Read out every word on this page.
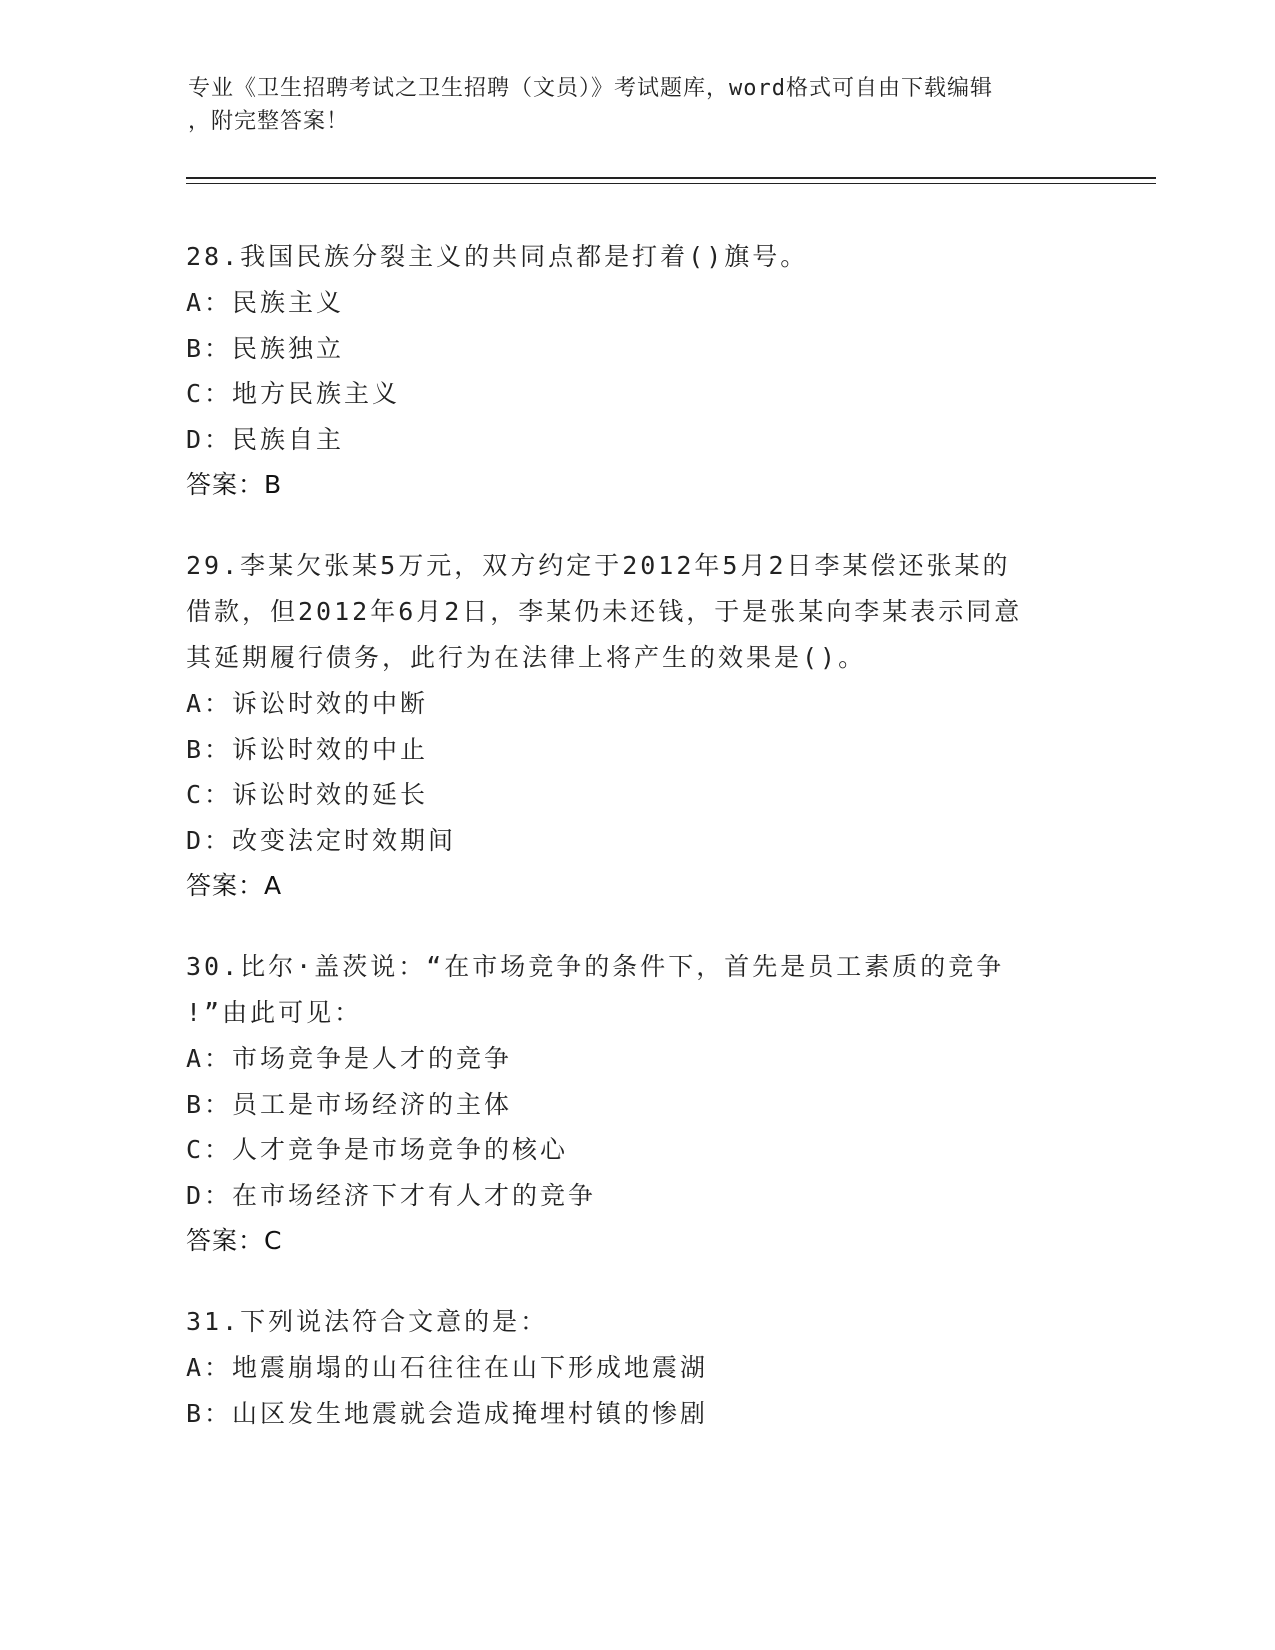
专业《卫生招聘考试之卫生招聘（文员）》考试题库，word格式可自由下载编辑
，附完整答案！

28.我国民族分裂主义的共同点都是打着()旗号。

A：民族主义

B：民族独立

C：地方民族主义

D：民族自主

答案：B

29.李某欠张某5万元，双方约定于2012年5月2日李某偿还张某的

借款，但2012年6月2日，李某仍未还钱，于是张某向李某表示同意

其延期履行债务，此行为在法律上将产生的效果是()。

A：诉讼时效的中断

B：诉讼时效的中止

C：诉讼时效的延长

D：改变法定时效期间

答案：A

30.比尔·盖茨说：“在市场竞争的条件下，首先是员工素质的竞争

!”由此可见：

A：市场竞争是人才的竞争

B：员工是市场经济的主体

C：人才竞争是市场竞争的核心

D：在市场经济下才有人才的竞争

答案：C

31.下列说法符合文意的是：

A：地震崩塌的山石往往在山下形成地震湖

B：山区发生地震就会造成掩埋村镇的惨剧
